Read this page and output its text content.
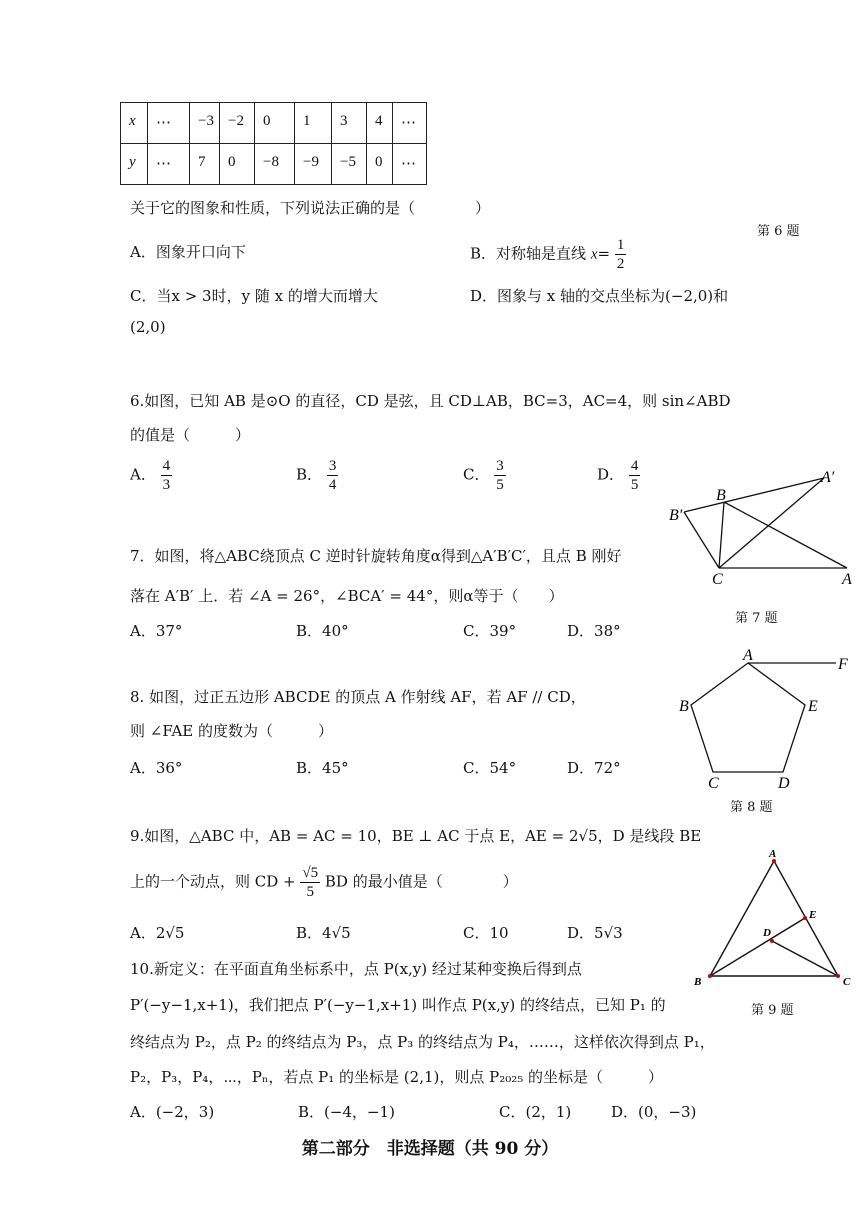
x	⋯	−3	−2	0	1	3	4	⋯
y	⋯	7	0	−8	−9	−5	0	⋯
关于它的图象和性质，下列说法正确的是（　　　　）
第 6 题
A．图象开口向下	B．对称轴是直线 $x= \frac{1}{2}$
C．当x > 3时，y 随 x 的增大而增大	D．图象与 x 轴的交点坐标为(−2,0)和
(2,0)
6.如图，已知 AB 是⊙O 的直径，CD 是弦，且 CD⊥AB，BC=3，AC=4，则 sin∠ABD
的值是（　　　）
A． $\frac{4}{3}$	B． $\frac{3}{4}$	C． $\frac{3}{5}$	D． $\frac{4}{5}$	A′
B
B′
C	A
7．如图，将△ABC绕顶点 C 逆时针旋转角度α得到△A′B′C′，且点 B 刚好
落在 A′B′ 上．若 ∠A = 26°，∠BCA′ = 44°，则α等于（　　）
第 7 题
A．37°	B．40°	C．39°	D．38°
A
F
B	E
C	D
8. 如图，过正五边形 ABCDE 的顶点 A 作射线 AF，若 AF // CD，
则 ∠FAE 的度数为（　　　）
A．36°	B．45°	C．54°	D．72°
第 8 题
9.如图，△ABC 中，AB = AC = 10，BE ⊥ AC 于点 E，AE = 2√5，D 是线段 BE
上的一个动点，则 CD + $\frac{√5}{5}$ BD 的最小值是（　　　　）
A．2√5	B．4√5	C．10	D．5√3
A
E
D
B	C
第 9 题
10.新定义：在平面直角坐标系中，点 P(x,y) 经过某种变换后得到点
P′(−y−1,x+1)，我们把点 P′(−y−1,x+1) 叫作点 P(x,y) 的终结点，已知 P₁ 的
终结点为 P₂，点 P₂ 的终结点为 P₃，点 P₃ 的终结点为 P₄，……，这样依次得到点 P₁，
P₂，P₃，P₄，⋯，Pₙ，若点 P₁ 的坐标是 (2,1)，则点 P₂₀₂₅ 的坐标是（　　　）
A．(−2，3)	B．(−4，−1)	C．(2，1)	D．(0，−3)
第二部分　非选择题（共 90 分）
